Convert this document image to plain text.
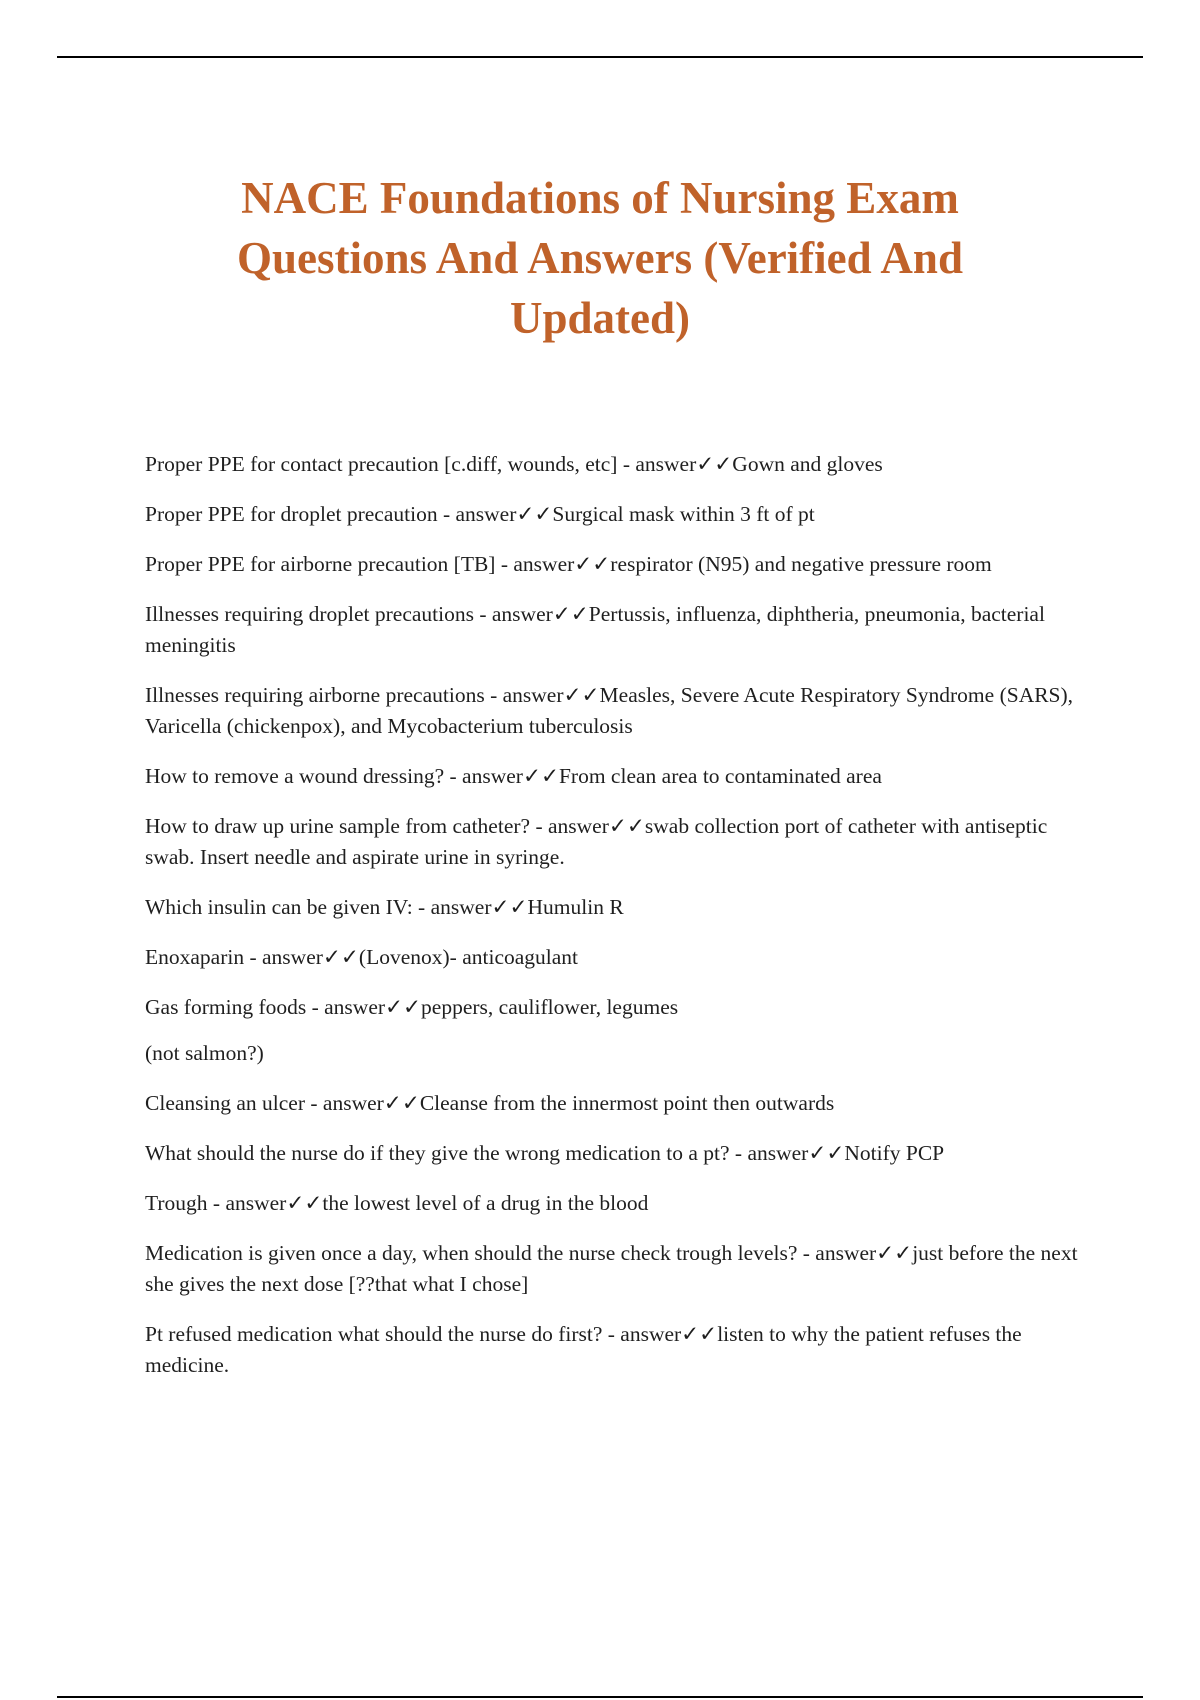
NACE Foundations of Nursing Exam Questions And Answers (Verified And Updated)
Proper PPE for contact precaution [c.diff, wounds, etc] - answer✓✓Gown and gloves
Proper PPE for droplet precaution - answer✓✓Surgical mask within 3 ft of pt
Proper PPE for airborne precaution [TB] - answer✓✓respirator (N95) and negative pressure room
Illnesses requiring droplet precautions - answer✓✓Pertussis, influenza, diphtheria, pneumonia, bacterial meningitis
Illnesses requiring airborne precautions - answer✓✓Measles, Severe Acute Respiratory Syndrome (SARS), Varicella (chickenpox), and Mycobacterium tuberculosis
How to remove a wound dressing? - answer✓✓From clean area to contaminated area
How to draw up urine sample from catheter? - answer✓✓swab collection port of catheter with antiseptic swab. Insert needle and aspirate urine in syringe.
Which insulin can be given IV: - answer✓✓Humulin R
Enoxaparin - answer✓✓(Lovenox)- anticoagulant
Gas forming foods - answer✓✓peppers, cauliflower, legumes
(not salmon?)
Cleansing an ulcer - answer✓✓Cleanse from the innermost point then outwards
What should the nurse do if they give the wrong medication to a pt? - answer✓✓Notify PCP
Trough - answer✓✓the lowest level of a drug in the blood
Medication is given once a day, when should the nurse check trough levels? - answer✓✓just before the next she gives the next dose [??that what I chose]
Pt refused medication what should the nurse do first? - answer✓✓listen to why the patient refuses the medicine.
